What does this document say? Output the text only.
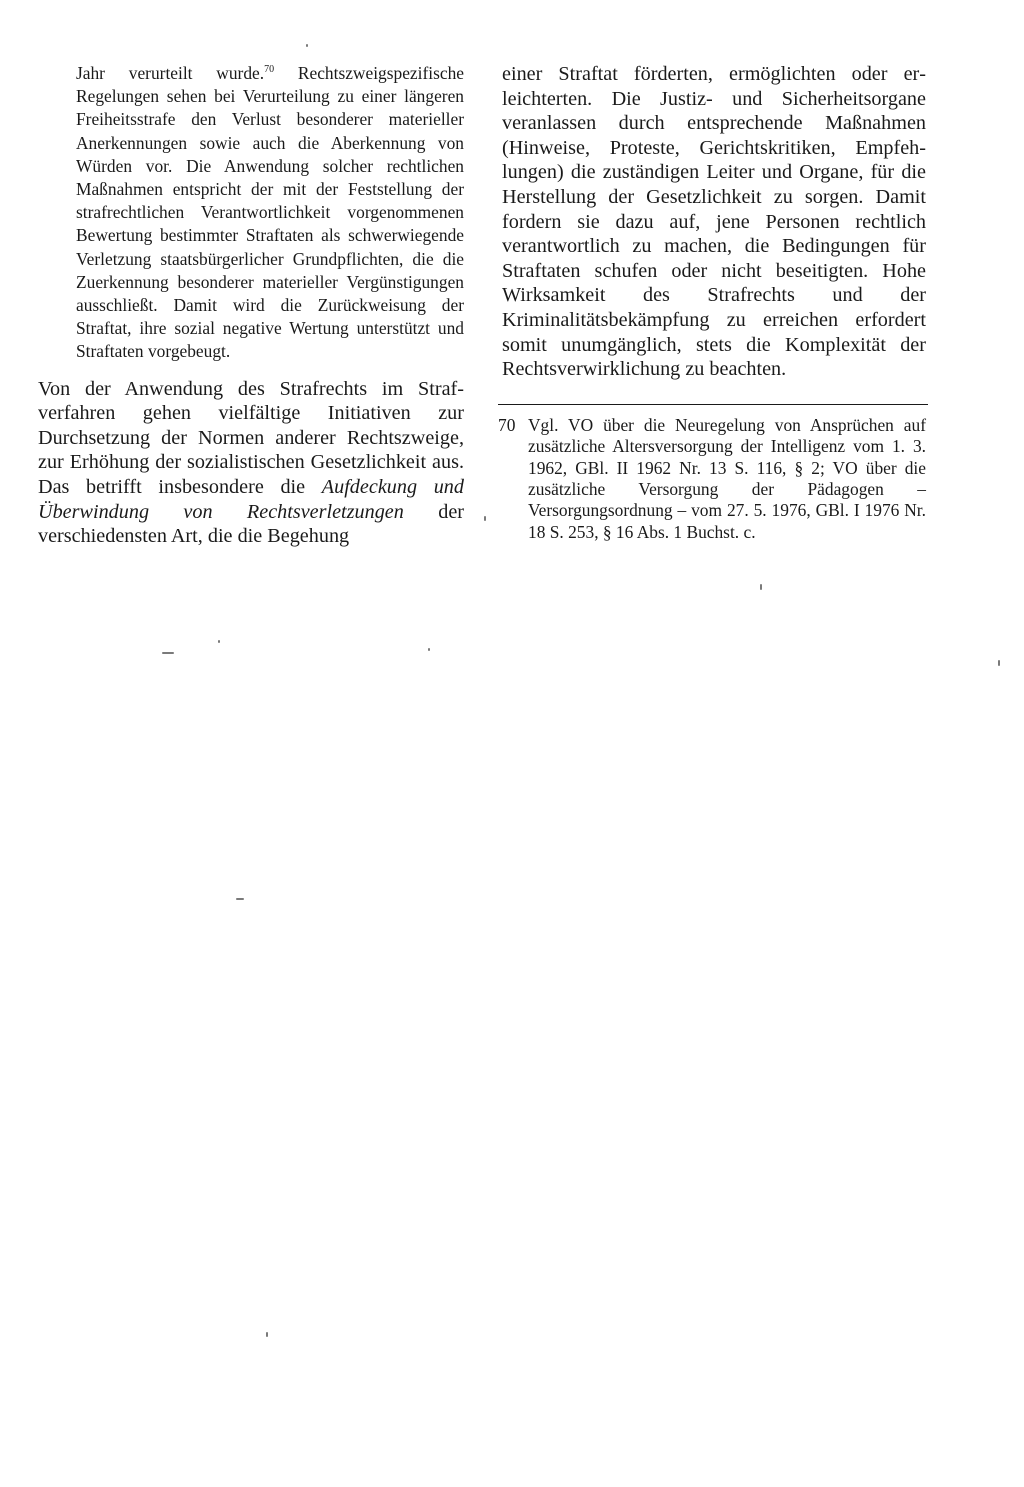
Jahr verurteilt wurde.$^{70}$ Rechtszweigspezifische Regelungen sehen bei Verurteilung zu einer längeren Freiheitsstrafe den Verlust besonderer materieller Anerkennungen sowie auch die Aberkennung von Würden vor. Die Anwendung solcher rechtlichen Maßnahmen entspricht der mit der Feststellung der strafrechtlichen Verantwortlichkeit vorgenommenen Bewertung bestimmter Straftaten als schwerwiegende Verletzung staatsbürgerlicher Grundpflichten, die die Zuerkennung besonderer materieller Vergünstigungen ausschließt. Damit wird die Zurückweisung der Straftat, ihre sozial negative Wertung unterstützt und Straftaten vorgebeugt.

Von der Anwendung des Strafrechts im Strafverfahren gehen vielfältige Initiativen zur Durchsetzung der Normen anderer Rechtszweige, zur Erhöhung der sozialistischen Gesetzlichkeit aus. Das betrifft insbesondere die Aufdeckung und Überwindung von Rechtsverletzungen der verschiedensten Art, die die Begehung

einer Straftat förderten, ermöglichten oder erleichterten. Die Justiz- und Sicherheitsorgane veranlassen durch entsprechende Maßnahmen (Hinweise, Proteste, Gerichtskritiken, Empfehlungen) die zuständigen Leiter und Organe, für die Herstellung der Gesetzlichkeit zu sorgen. Damit fordern sie dazu auf, jene Personen rechtlich verantwortlich zu machen, die Bedingungen für Straftaten schufen oder nicht beseitigten. Hohe Wirksamkeit des Strafrechts und der Kriminalitätsbekämpfung zu erreichen erfordert somit unumgänglich, stets die Komplexität der Rechtsverwirklichung zu beachten.

70 Vgl. VO über die Neuregelung von Ansprüchen auf zusätzliche Altersversorgung der Intelligenz vom 1. 3. 1962, GBl. II 1962 Nr. 13 S. 116, § 2; VO über die zusätzliche Versorgung der Pädagogen – Versorgungsordnung – vom 27. 5. 1976, GBl. I 1976 Nr. 18 S. 253, § 16 Abs. 1 Buchst. c.
